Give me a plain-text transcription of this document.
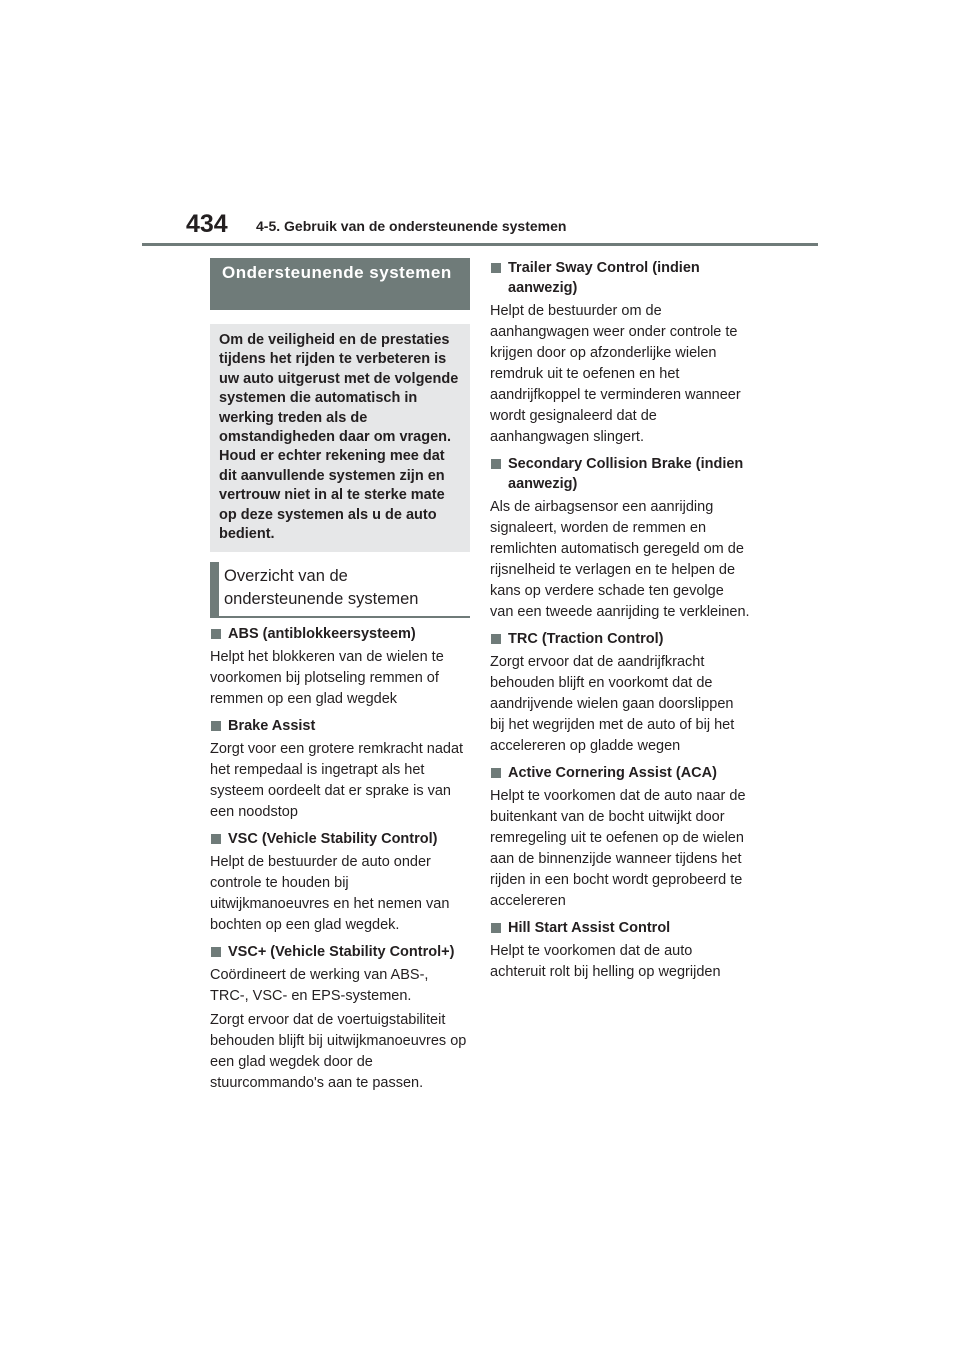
434 4-5. Gebruik van de ondersteunende systemen
Ondersteunende systemen
Om de veiligheid en de prestaties tijdens het rijden te verbeteren is uw auto uitgerust met de volgende systemen die automatisch in werking treden als de omstandigheden daar om vragen. Houd er echter rekening mee dat dit aanvullende systemen zijn en vertrouw niet in al te sterke mate op deze systemen als u de auto bedient.
Overzicht van de ondersteunende systemen
ABS (antiblokkeersysteem)

Helpt het blokkeren van de wielen te voorkomen bij plotseling remmen of remmen op een glad wegdek

Brake Assist

Zorgt voor een grotere remkracht nadat het rempedaal is ingetrapt als het systeem oordeelt dat er sprake is van een noodstop

VSC (Vehicle Stability Control)

Helpt de bestuurder de auto onder controle te houden bij uitwijkmanoeuvres en het nemen van bochten op een glad wegdek.

VSC+ (Vehicle Stability Control+)

Coördineert de werking van ABS-, TRC-, VSC- en EPS-systemen.

Zorgt ervoor dat de voertuigstabiliteit behouden blijft bij uitwijkmanoeuvres op een glad wegdek door de stuurcommando's aan te passen.

Trailer Sway Control (indien aanwezig)

Helpt de bestuurder om de aanhangwagen weer onder controle te krijgen door op afzonderlijke wielen remdruk uit te oefenen en het aandrijfkoppel te verminderen wanneer wordt gesignaleerd dat de aanhangwagen slingert.

Secondary Collision Brake (indien aanwezig)

Als de airbagsensor een aanrijding signaleert, worden de remmen en remlichten automatisch geregeld om de rijsnelheid te verlagen en te helpen de kans op verdere schade ten gevolge van een tweede aanrijding te verkleinen.

TRC (Traction Control)

Zorgt ervoor dat de aandrijfkracht behouden blijft en voorkomt dat de aandrijvende wielen gaan doorslippen bij het wegrijden met de auto of bij het accelereren op gladde wegen

Active Cornering Assist (ACA)

Helpt te voorkomen dat de auto naar de buitenkant van de bocht uitwijkt door remregeling uit te oefenen op de wielen aan de binnenzijde wanneer tijdens het rijden in een bocht wordt geprobeerd te accelereren

Hill Start Assist Control

Helpt te voorkomen dat de auto achteruit rolt bij helling op wegrijden
